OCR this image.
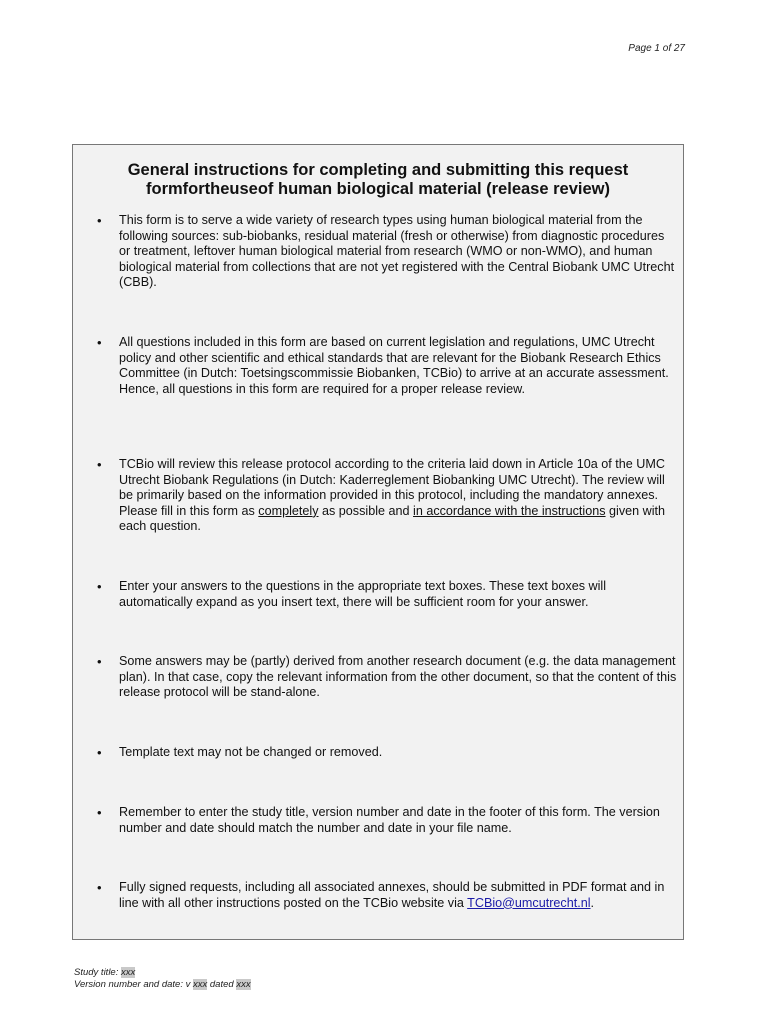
Page 1 of 27
General instructions for completing and submitting this request
formfortheuseof human biological material (release review)
• This form is to serve a wide variety of research types using human biological material from the following sources: sub-biobanks, residual material (fresh or otherwise) from diagnostic procedures or treatment, leftover human biological material from research (WMO or non-WMO), and human biological material from collections that are not yet registered with the Central Biobank UMC Utrecht (CBB).
• All questions included in this form are based on current legislation and regulations, UMC Utrecht policy and other scientific and ethical standards that are relevant for the Biobank Research Ethics Committee (in Dutch: Toetsingscommissie Biobanken, TCBio) to arrive at an accurate assessment. Hence, all questions in this form are required for a proper release review.
• TCBio will review this release protocol according to the criteria laid down in Article 10a of the UMC Utrecht Biobank Regulations (in Dutch: Kaderreglement Biobanking UMC Utrecht). The review will be primarily based on the information provided in this protocol, including the mandatory annexes. Please fill in this form as completely as possible and in accordance with the instructions given with each question.
• Enter your answers to the questions in the appropriate text boxes. These text boxes will automatically expand as you insert text, there will be sufficient room for your answer.
• Some answers may be (partly) derived from another research document (e.g. the data management plan). In that case, copy the relevant information from the other document, so that the content of this release protocol will be stand-alone.
• Template text may not be changed or removed.
• Remember to enter the study title, version number and date in the footer of this form. The version number and date should match the number and date in your file name.
• Fully signed requests, including all associated annexes, should be submitted in PDF format and in line with all other instructions posted on the TCBio website via TCBio@umcutrecht.nl.
Study title: xxx
Version number and date: v xxx dated xxx
